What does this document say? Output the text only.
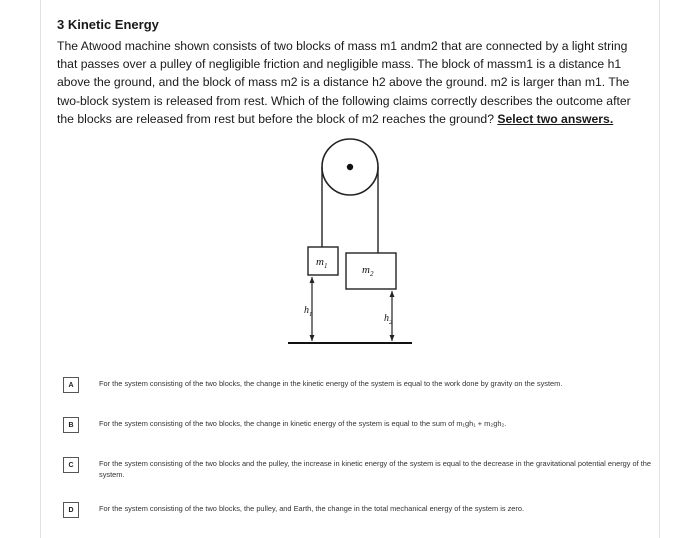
3 Kinetic Energy
The Atwood machine shown consists of two blocks of mass m1 andm2 that are connected by a light string that passes over a pulley of negligible friction and negligible mass. The block of massm1 is a distance h1 above the ground, and the block of mass m2 is a distance h2 above the ground. m2 is larger than m1. The two-block system is released from rest. Which of the following claims correctly describes the outcome after the blocks are released from rest but before the block of m2 reaches the ground? Select two answers.
$m_1$	$m_2$
$h_1$	$h_2$
A	For the system consisting of the two blocks, the change in the kinetic energy of the system is equal to the work done by gravity on the system.
B	For the system consisting of the two blocks, the change in kinetic energy of the system is equal to the sum of m₁gh₁ + m₂gh₂.
C	For the system consisting of the two blocks and the pulley, the increase in kinetic energy of the system is equal to the decrease in the gravitational potential energy of the system.
D	For the system consisting of the two blocks, the pulley, and Earth, the change in the total mechanical energy of the system is zero.
